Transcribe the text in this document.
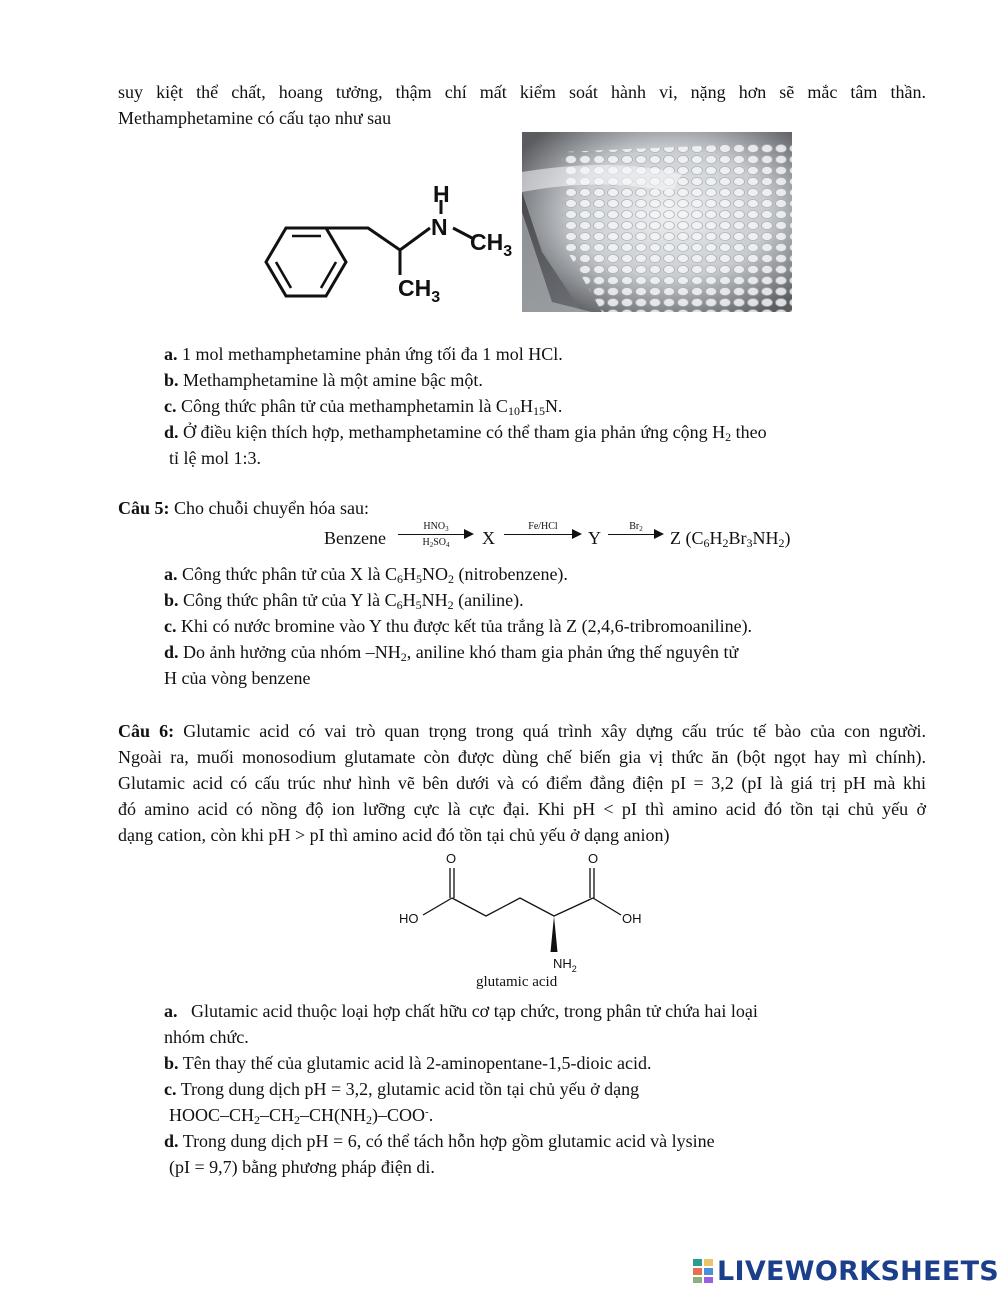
suy kiệt thể chất, hoang tưởng, thậm chí mất kiểm soát hành vi, nặng hơn sẽ mắc tâm thần.
Methamphetamine có cấu tạo như sau
H
N
$CH_3$
$CH_3$
a. 1 mol methamphetamine phản ứng tối đa 1 mol HCl.
b. Methamphetamine là một amine bậc một.
c. Công thức phân tử của methamphetamin là $C_{10}H_{15}N$.
d. Ở điều kiện thích hợp, methamphetamine có thể tham gia phản ứng cộng $H_2$ theo
tỉ lệ mol 1:3.
Câu 5: Cho chuỗi chuyển hóa sau:
Benzene
$HNO_3$
$H_2SO_4$	X
Fe/HCl
Y
$Br_2$	Z $(C_6H_2Br_3NH_2)$
a. Công thức phân tử của X là $C_6H_5NO_2$ (nitrobenzene).
b. Công thức phân tử của Y là $C_6H_5NH_2$ (aniline).
c. Khi có nước bromine vào Y thu được kết tủa trắng là Z (2,4,6-tribromoaniline).
d. Do ảnh hưởng của nhóm $-NH_2$, aniline khó tham gia phản ứng thế nguyên tử
H của vòng benzene
Câu 6: Glutamic acid có vai trò quan trọng trong quá trình xây dựng cấu trúc tế bào của con người.
Ngoài ra, muối monosodium glutamate còn được dùng chế biến gia vị thức ăn (bột ngọt hay mì chính).
Glutamic acid có cấu trúc như hình vẽ bên dưới và có điểm đẳng điện pI = 3,2 (pI là giá trị pH mà khi
đó amino acid có nồng độ ion lưỡng cực là cực đại. Khi pH < pI thì amino acid đó tồn tại chủ yếu ở
dạng cation, còn khi pH > pI thì amino acid đó tồn tại chủ yếu ở dạng anion)
O	O
HO	OH
$NH_2$
glutamic acid
a. Glutamic acid thuộc loại hợp chất hữu cơ tạp chức, trong phân tử chứa hai loại
nhóm chức.
b. Tên thay thế của glutamic acid là 2-aminopentane-1,5-dioic acid.
c. Trong dung dịch pH = 3,2, glutamic acid tồn tại chủ yếu ở dạng
HOOC–$CH_2-CH_2-CH(NH_2)-COO^-$.
d. Trong dung dịch pH = 6, có thể tách hỗn hợp gồm glutamic acid và lysine
(pI = 9,7) bằng phương pháp điện di.
LIVEWORKSHEETS
